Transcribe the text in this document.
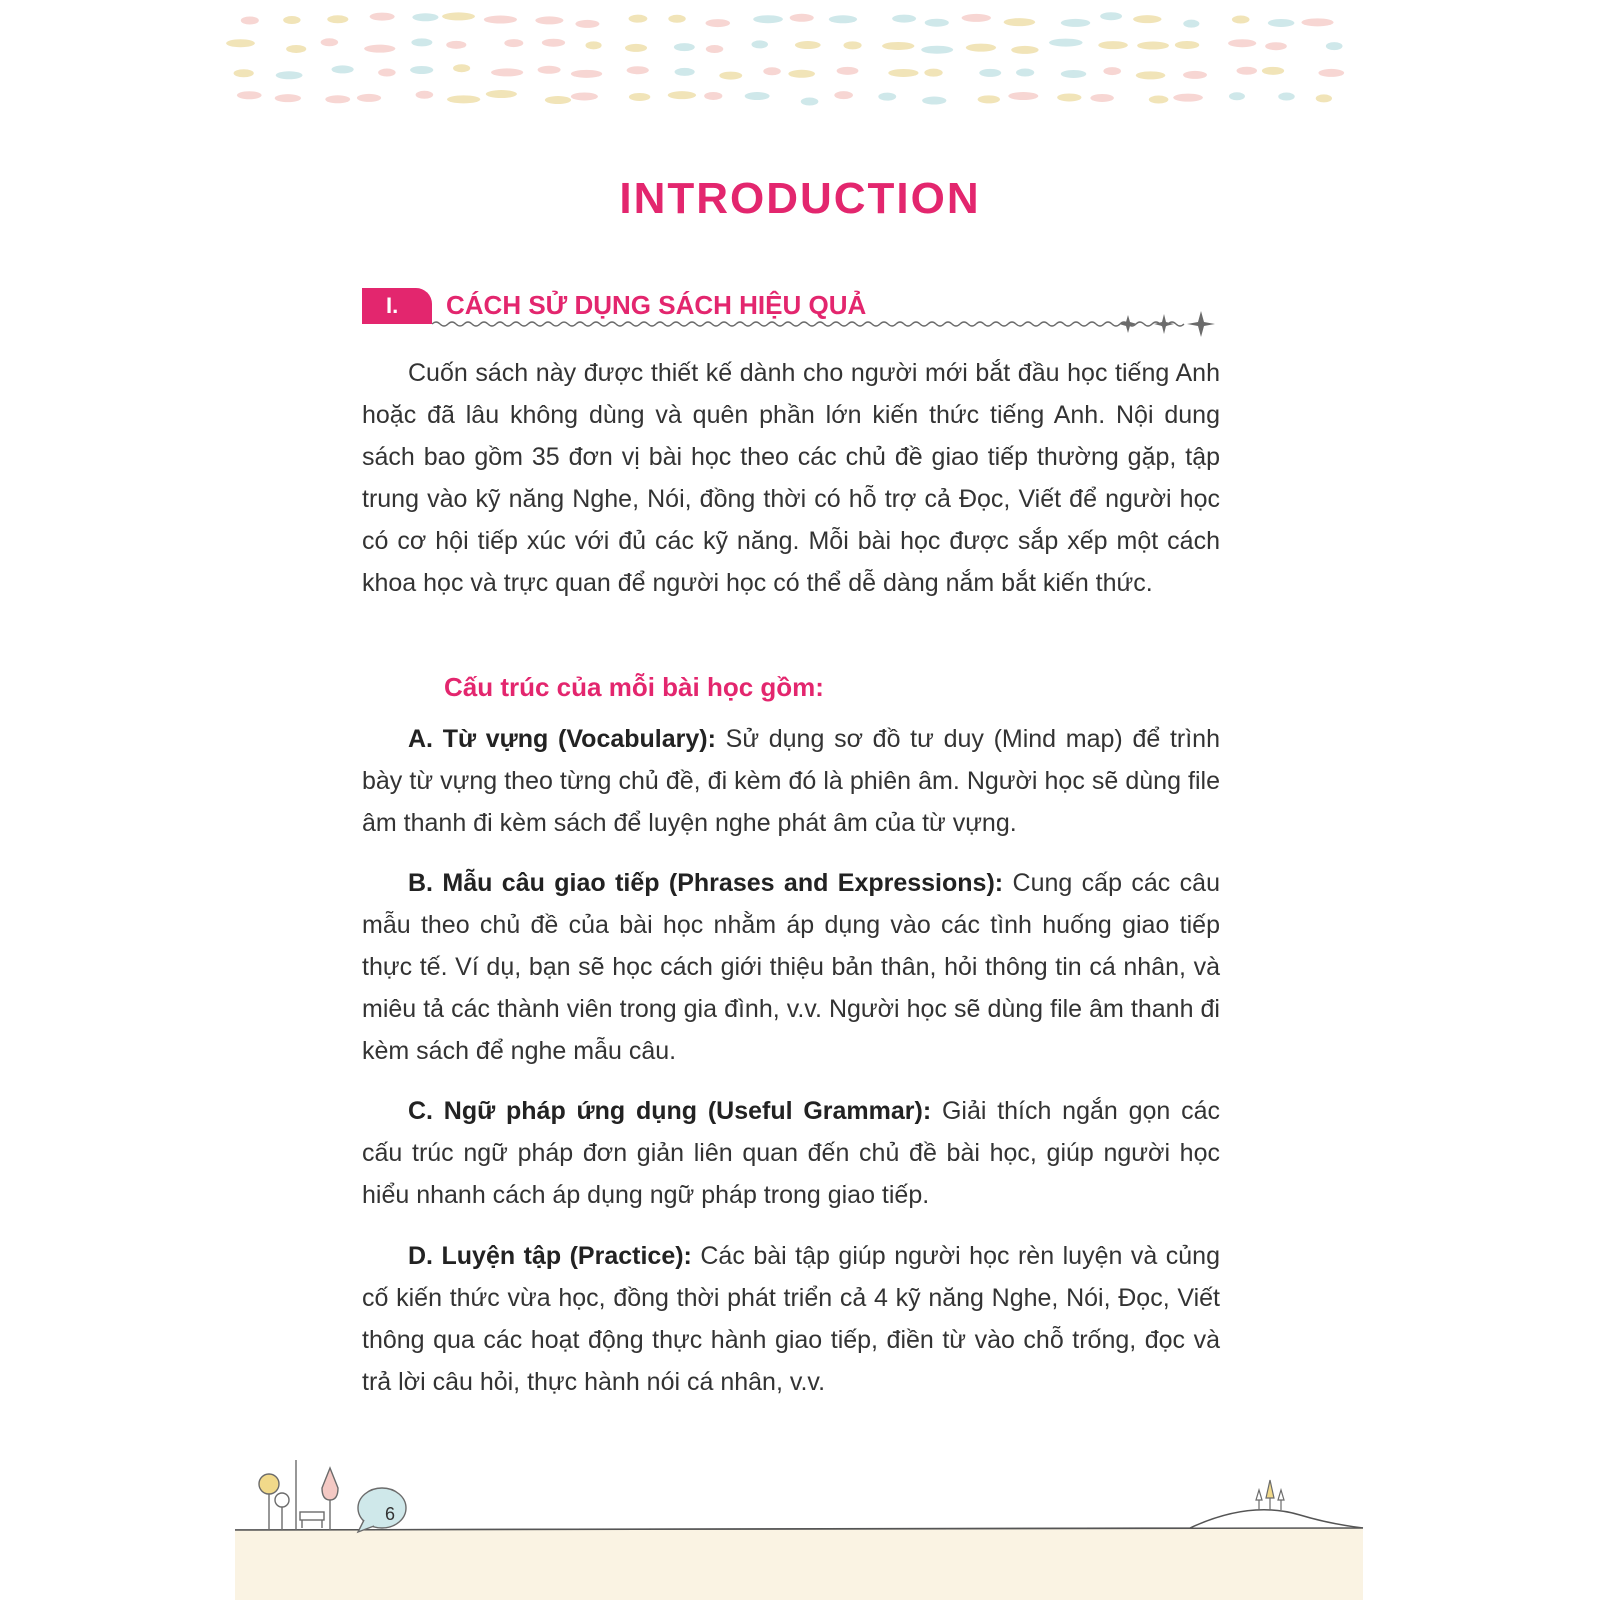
INTRODUCTION
I.	CÁCH SỬ DỤNG SÁCH HIỆU QUẢ

Cuốn sách này được thiết kế dành cho người mới bắt đầu học tiếng Anh hoặc đã lâu không dùng và quên phần lớn kiến thức tiếng Anh. Nội dung sách bao gồm 35 đơn vị bài học theo các chủ đề giao tiếp thường gặp, tập trung vào kỹ năng Nghe, Nói, đồng thời có hỗ trợ cả Đọc, Viết để người học có cơ hội tiếp xúc với đủ các kỹ năng. Mỗi bài học được sắp xếp một cách khoa học và trực quan để người học có thể dễ dàng nắm bắt kiến thức.

Cấu trúc của mỗi bài học gồm:

A. Từ vựng (Vocabulary): Sử dụng sơ đồ tư duy (Mind map) để trình bày từ vựng theo từng chủ đề, đi kèm đó là phiên âm. Người học sẽ dùng file âm thanh đi kèm sách để luyện nghe phát âm của từ vựng.

B. Mẫu câu giao tiếp (Phrases and Expressions): Cung cấp các câu mẫu theo chủ đề của bài học nhằm áp dụng vào các tình huống giao tiếp thực tế. Ví dụ, bạn sẽ học cách giới thiệu bản thân, hỏi thông tin cá nhân, và miêu tả các thành viên trong gia đình, v.v. Người học sẽ dùng file âm thanh đi kèm sách để nghe mẫu câu.

C. Ngữ pháp ứng dụng (Useful Grammar): Giải thích ngắn gọn các cấu trúc ngữ pháp đơn giản liên quan đến chủ đề bài học, giúp người học hiểu nhanh cách áp dụng ngữ pháp trong giao tiếp.

D. Luyện tập (Practice): Các bài tập giúp người học rèn luyện và củng cố kiến thức vừa học, đồng thời phát triển cả 4 kỹ năng Nghe, Nói, Đọc, Viết thông qua các hoạt động thực hành giao tiếp, điền từ vào chỗ trống, đọc và trả lời câu hỏi, thực hành nói cá nhân, v.v.

6
